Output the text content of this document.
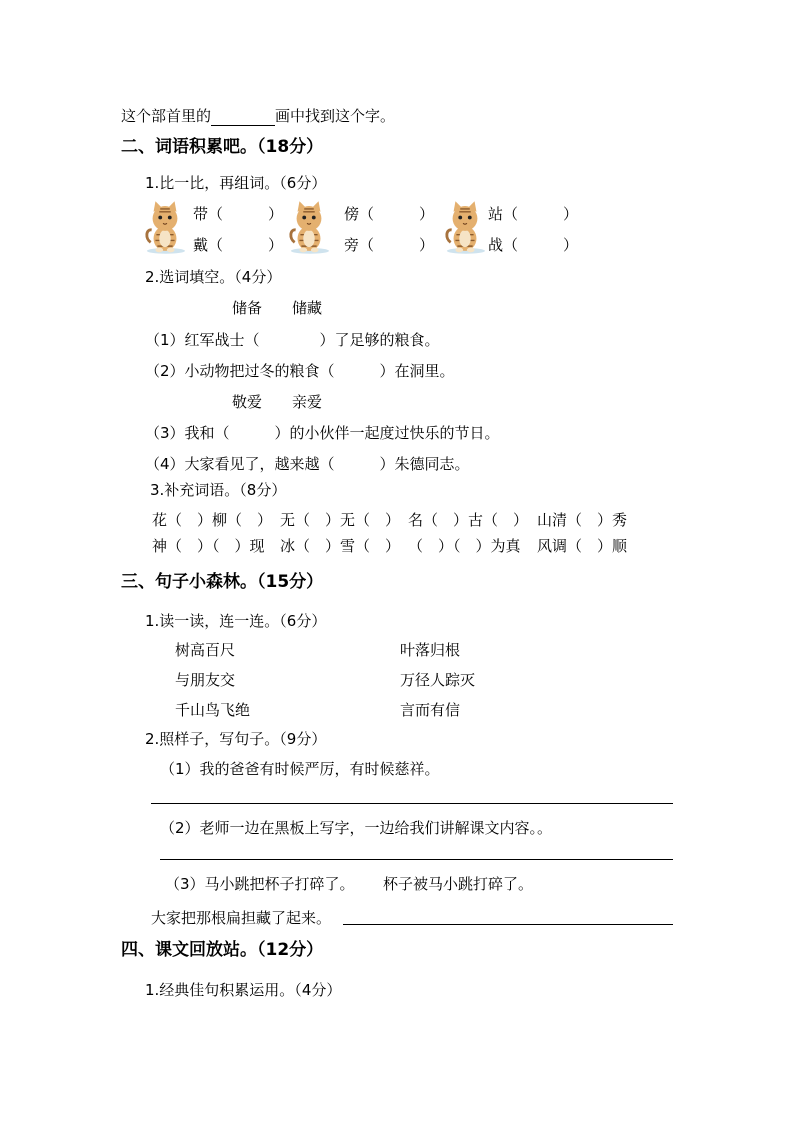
这个部首里的	画中找到这个字。
二、词语积累吧。（18分）
1.比一比，再组词。（6分）
带（　　　）
戴（　　　）
傍（　　　）
旁（　　　）
站（　　　）
战（　　　）
2.选词填空。（4分）
储备　　储藏
（1）红军战士（　　　　）了足够的粮食。
（2）小动物把过冬的粮食（　　　）在洞里。
敬爱　　亲爱
（3）我和（　　　）的小伙伴一起度过快乐的节日。
（4）大家看见了，越来越（　　　）朱德同志。
3.补充词语。（8分）
花（　）柳（　） 无（　）无（　） 名（　）古（　） 山清（　）秀
神（　）（　）现 冰（　）雪（　） （　）（　）为真 风调（　）顺
三、句子小森林。（15分）
1.读一读，连一连。（6分）
树高百尺
与朋友交
千山鸟飞绝
叶落归根
万径人踪灭
言而有信
2.照样子，写句子。（9分）
（1）我的爸爸有时候严厉，有时候慈祥。
（2）老师一边在黑板上写字，一边给我们讲解课文内容。。
（3）马小跳把杯子打碎了。 杯子被马小跳打碎了。
大家把那根扁担藏了起来。
四、课文回放站。（12分）
1.经典佳句积累运用。（4分）
